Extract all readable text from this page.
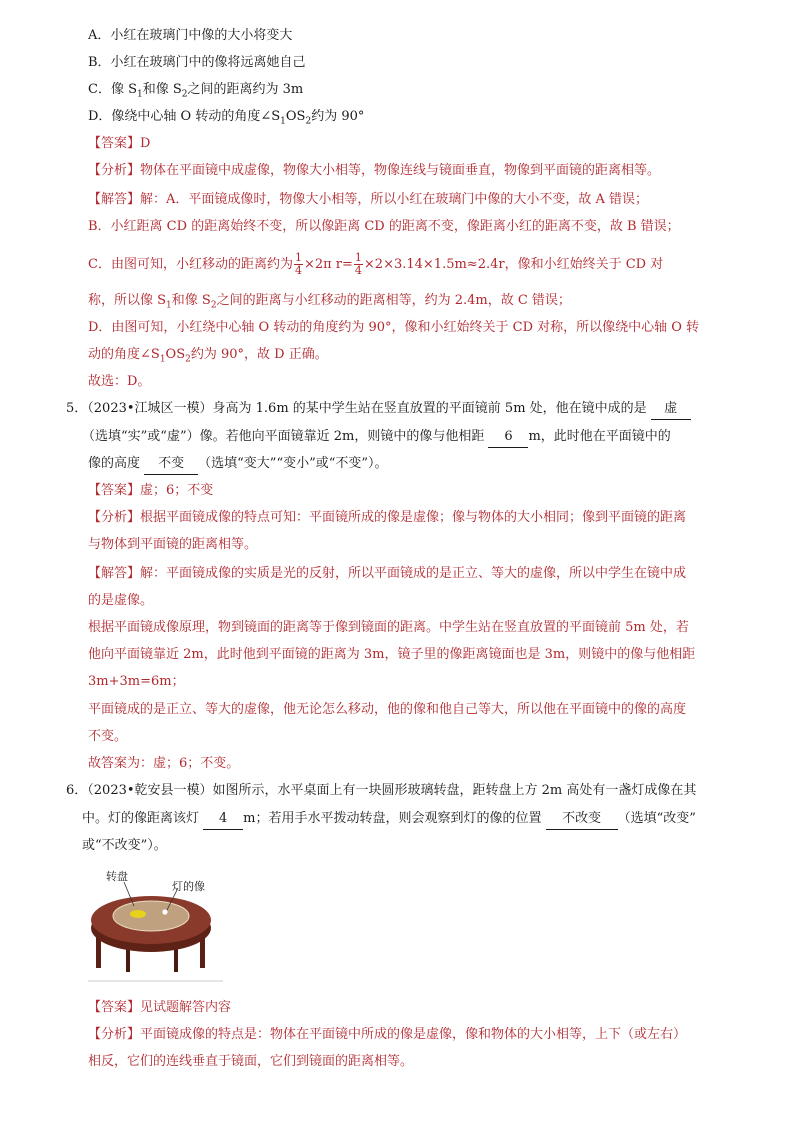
A．小红在玻璃门中像的大小将变大
B．小红在玻璃门中的像将远离她自己
C．像 $S_1$和像 $S_2$之间的距离约为 3m
D．像绕中心轴 O 转动的角度$\angle S_1OS_2$约为 90°
【答案】D
【分析】物体在平面镜中成虚像，物像大小相等，物像连线与镜面垂直，物像到平面镜的距离相等。
【解答】解：A．平面镜成像时，物像大小相等，所以小红在玻璃门中像的大小不变，故 A 错误；
B．小红距离 CD 的距离始终不变，所以像距离 CD 的距离不变，像距离小红的距离不变，故 B 错误；
C．由图可知，小红移动的距离约为 $\frac{1}{4} \times 2\pi$ $r= \frac{1}{4} \times 2\times 3.14\times 1.5m\approx 2.4r$，像和小红始终关于 CD 对
称，所以像 $S_1$和像 $S_2$之间的距离与小红移动的距离相等，约为 2.4m，故 C 错误；
D．由图可知，小红绕中心轴 O 转动的角度约为 90°，像和小红始终关于 CD 对称，所以像绕中心轴 O 转
动的角度$\angle S_1OS_2$约为 90°，故 D 正确。
故选：D。
5．（2023•江城区一模）身高为 1.6m 的某中学生站在竖直放置的平面镜前 5m 处，他在镜中成的是 虚
（选填“实”或“虚”）像。若他向平面镜靠近 2m，则镜中的像与他相距 6 m，此时他在平面镜中的
像的高度 不变 （选填“变大”“变小”或“不变”）。
【答案】虚；6；不变
【分析】根据平面镜成像的特点可知：平面镜所成的像是虚像；像与物体的大小相同；像到平面镜的距离
与物体到平面镜的距离相等。
【解答】解：平面镜成像的实质是光的反射，所以平面镜成的是正立、等大的虚像，所以中学生在镜中成
的是虚像。
根据平面镜成像原理，物到镜面的距离等于像到镜面的距离。中学生站在竖直放置的平面镜前 5m 处，若
他向平面镜靠近 2m，此时他到平面镜的距离为 3m，镜子里的像距离镜面也是 3m，则镜中的像与他相距
3m+3m=6m；
平面镜成的是正立、等大的虚像，他无论怎么移动，他的像和他自己等大，所以他在平面镜中的像的高度
不变。
故答案为：虚；6；不变。
6．（2023•乾安县一模）如图所示，水平桌面上有一块圆形玻璃转盘，距转盘上方 2m 高处有一盏灯成像在其
中。灯的像距离该灯 4 m；若用手水平拨动转盘，则会观察到灯的像的位置 不改变 （选填“改变”
或“不改变”）。
转盘
灯的像
【答案】见试题解答内容
【分析】平面镜成像的特点是：物体在平面镜中所成的像是虚像，像和物体的大小相等，上下（或左右）
相反，它们的连线垂直于镜面，它们到镜面的距离相等。
